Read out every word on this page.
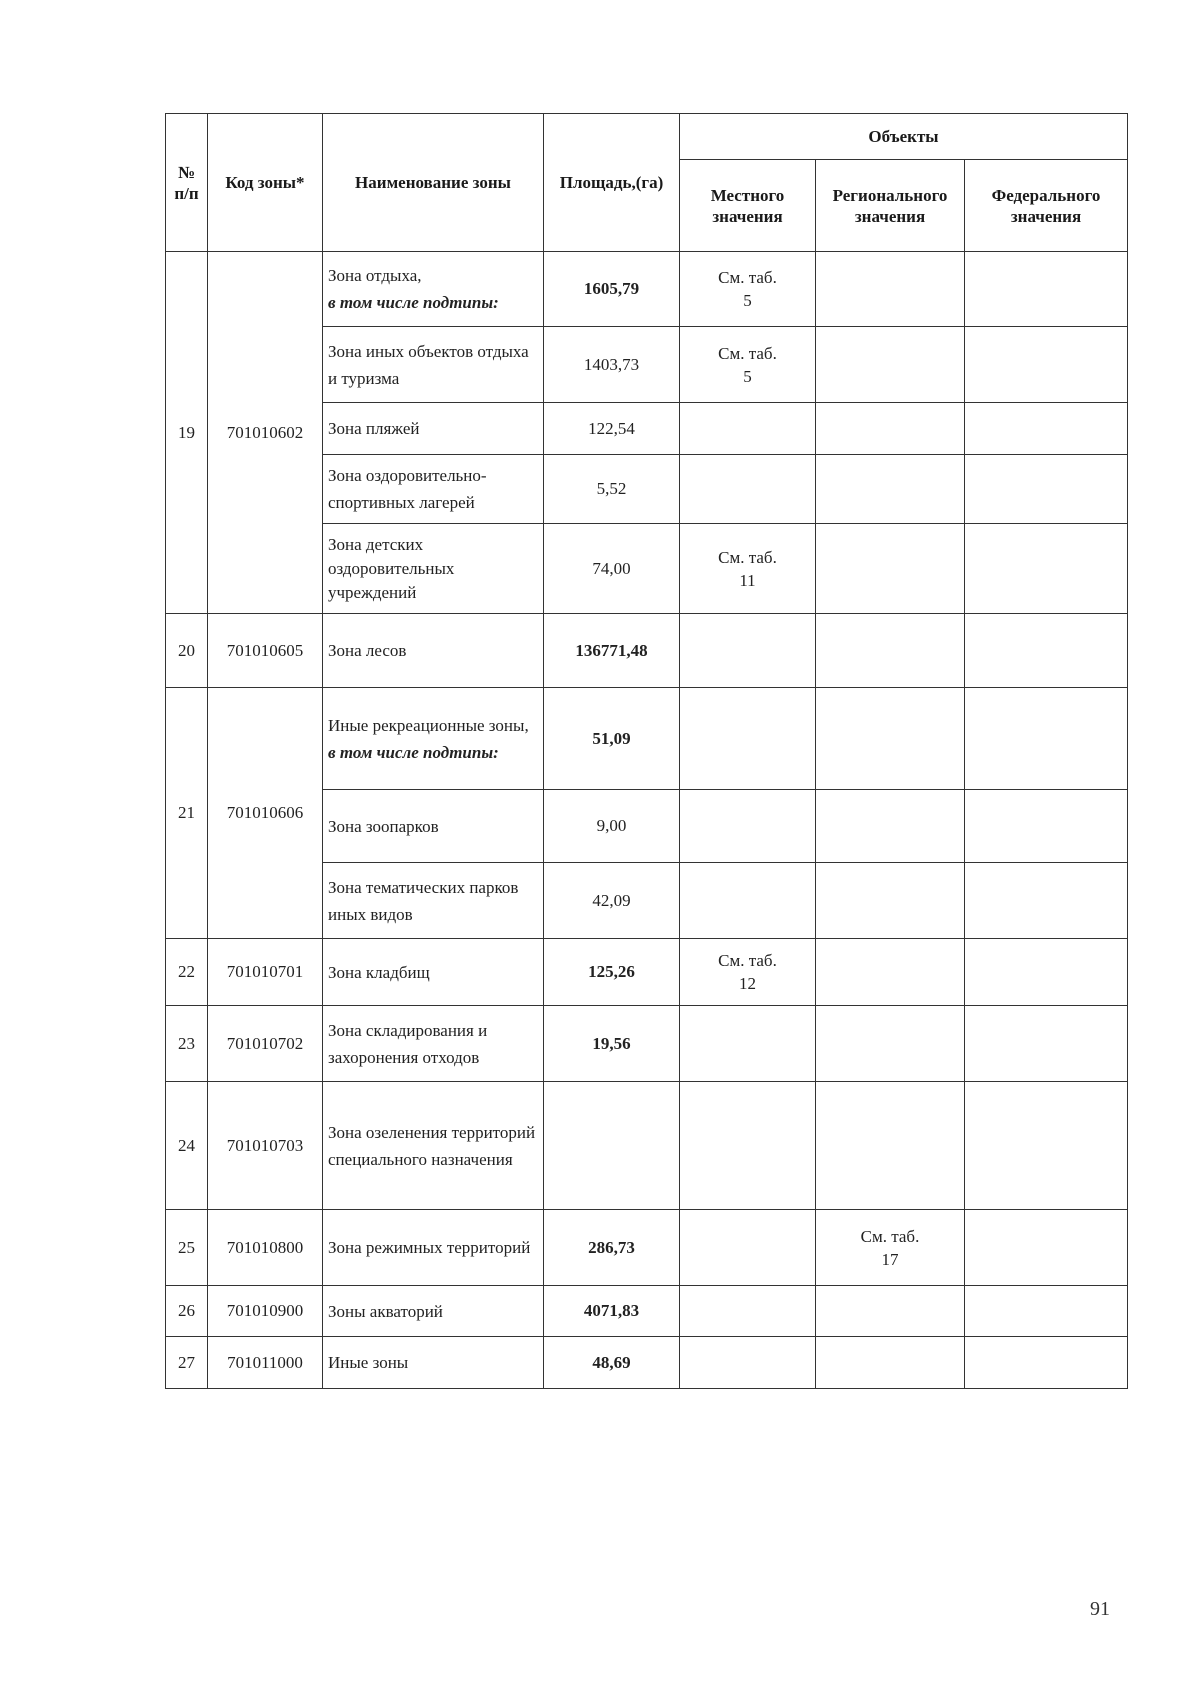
№ п/п	Код зоны*	Наименование зоны	Площадь,(га)	Объекты		
				Местного значения	Регионального значения	Федерального значения
19	701010602	Зона отдыха,
в том числе подтипы:	1605,79	См. таб.
5		

		Зона иных объектов отдыха и туризма	1403,73	См. таб.
5		

		Зона пляжей	122,54			
		Зона оздоровительно-спортивных лагерей	5,52			
		Зона детских оздоровительных учреждений	74,00	См. таб.
11		

20	701010605	Зона лесов	136771,48			
21	701010606	Иные рекреационные зоны,
в том числе подтипы:	51,09			
		Зона зоопарков	9,00			
		Зона тематических парков иных видов	42,09			
22	701010701	Зона кладбищ	125,26	См. таб.
12		

23	701010702	Зона складирования и захоронения отходов	19,56			
24	701010703	Зона озеленения территорий специального назначения				
25	701010800	Зона режимных территорий	286,73		См. таб.
17	

26	701010900	Зоны акваторий	4071,83			
27	701011000	Иные зоны	48,69			
91
